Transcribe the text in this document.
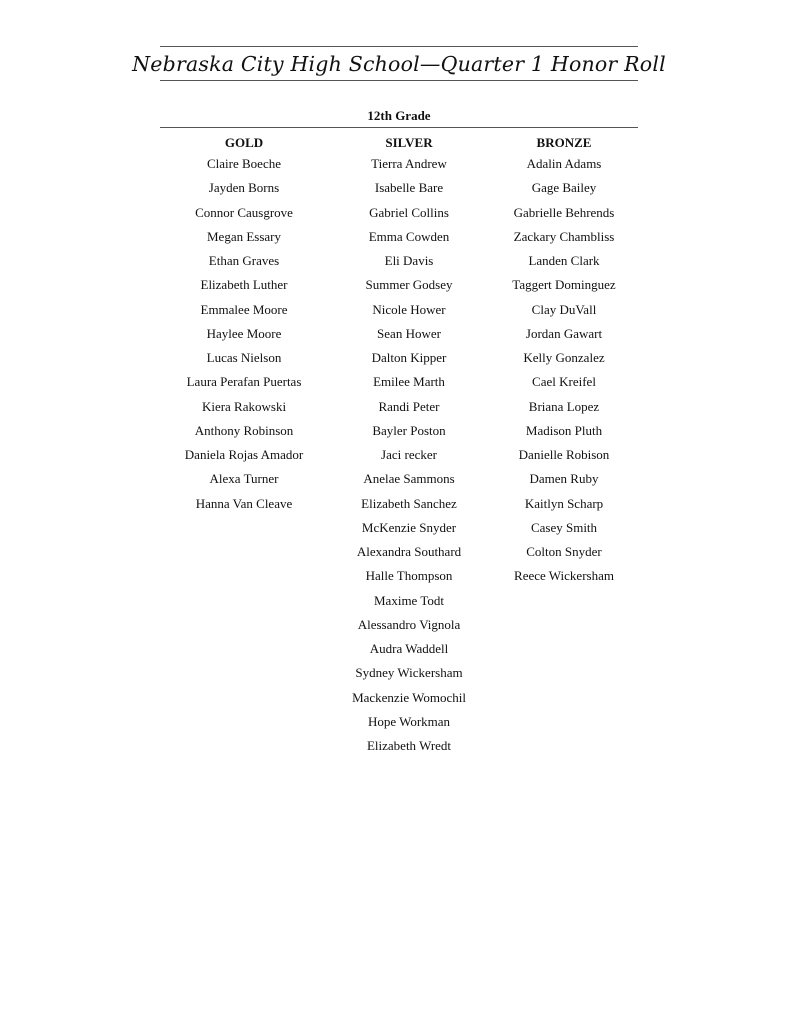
Nebraska City High School—Quarter 1 Honor Roll
12th Grade
GOLD
Claire Boeche
Jayden Borns
Connor Causgrove
Megan Essary
Ethan Graves
Elizabeth Luther
Emmalee Moore
Haylee Moore
Lucas Nielson
Laura Perafan Puertas
Kiera Rakowski
Anthony Robinson
Daniela Rojas Amador
Alexa Turner
Hanna Van Cleave
SILVER
Tierra Andrew
Isabelle Bare
Gabriel Collins
Emma Cowden
Eli Davis
Summer Godsey
Nicole Hower
Sean Hower
Dalton Kipper
Emilee Marth
Randi Peter
Bayler Poston
Jaci recker
Anelae Sammons
Elizabeth Sanchez
McKenzie Snyder
Alexandra Southard
Halle Thompson
Maxime Todt
Alessandro Vignola
Audra Waddell
Sydney Wickersham
Mackenzie Womochil
Hope Workman
Elizabeth Wredt
BRONZE
Adalin Adams
Gage Bailey
Gabrielle Behrends
Zackary Chambliss
Landen Clark
Taggert Dominguez
Clay DuVall
Jordan Gawart
Kelly Gonzalez
Cael Kreifel
Briana Lopez
Madison Pluth
Danielle Robison
Damen Ruby
Kaitlyn Scharp
Casey Smith
Colton Snyder
Reece Wickersham
